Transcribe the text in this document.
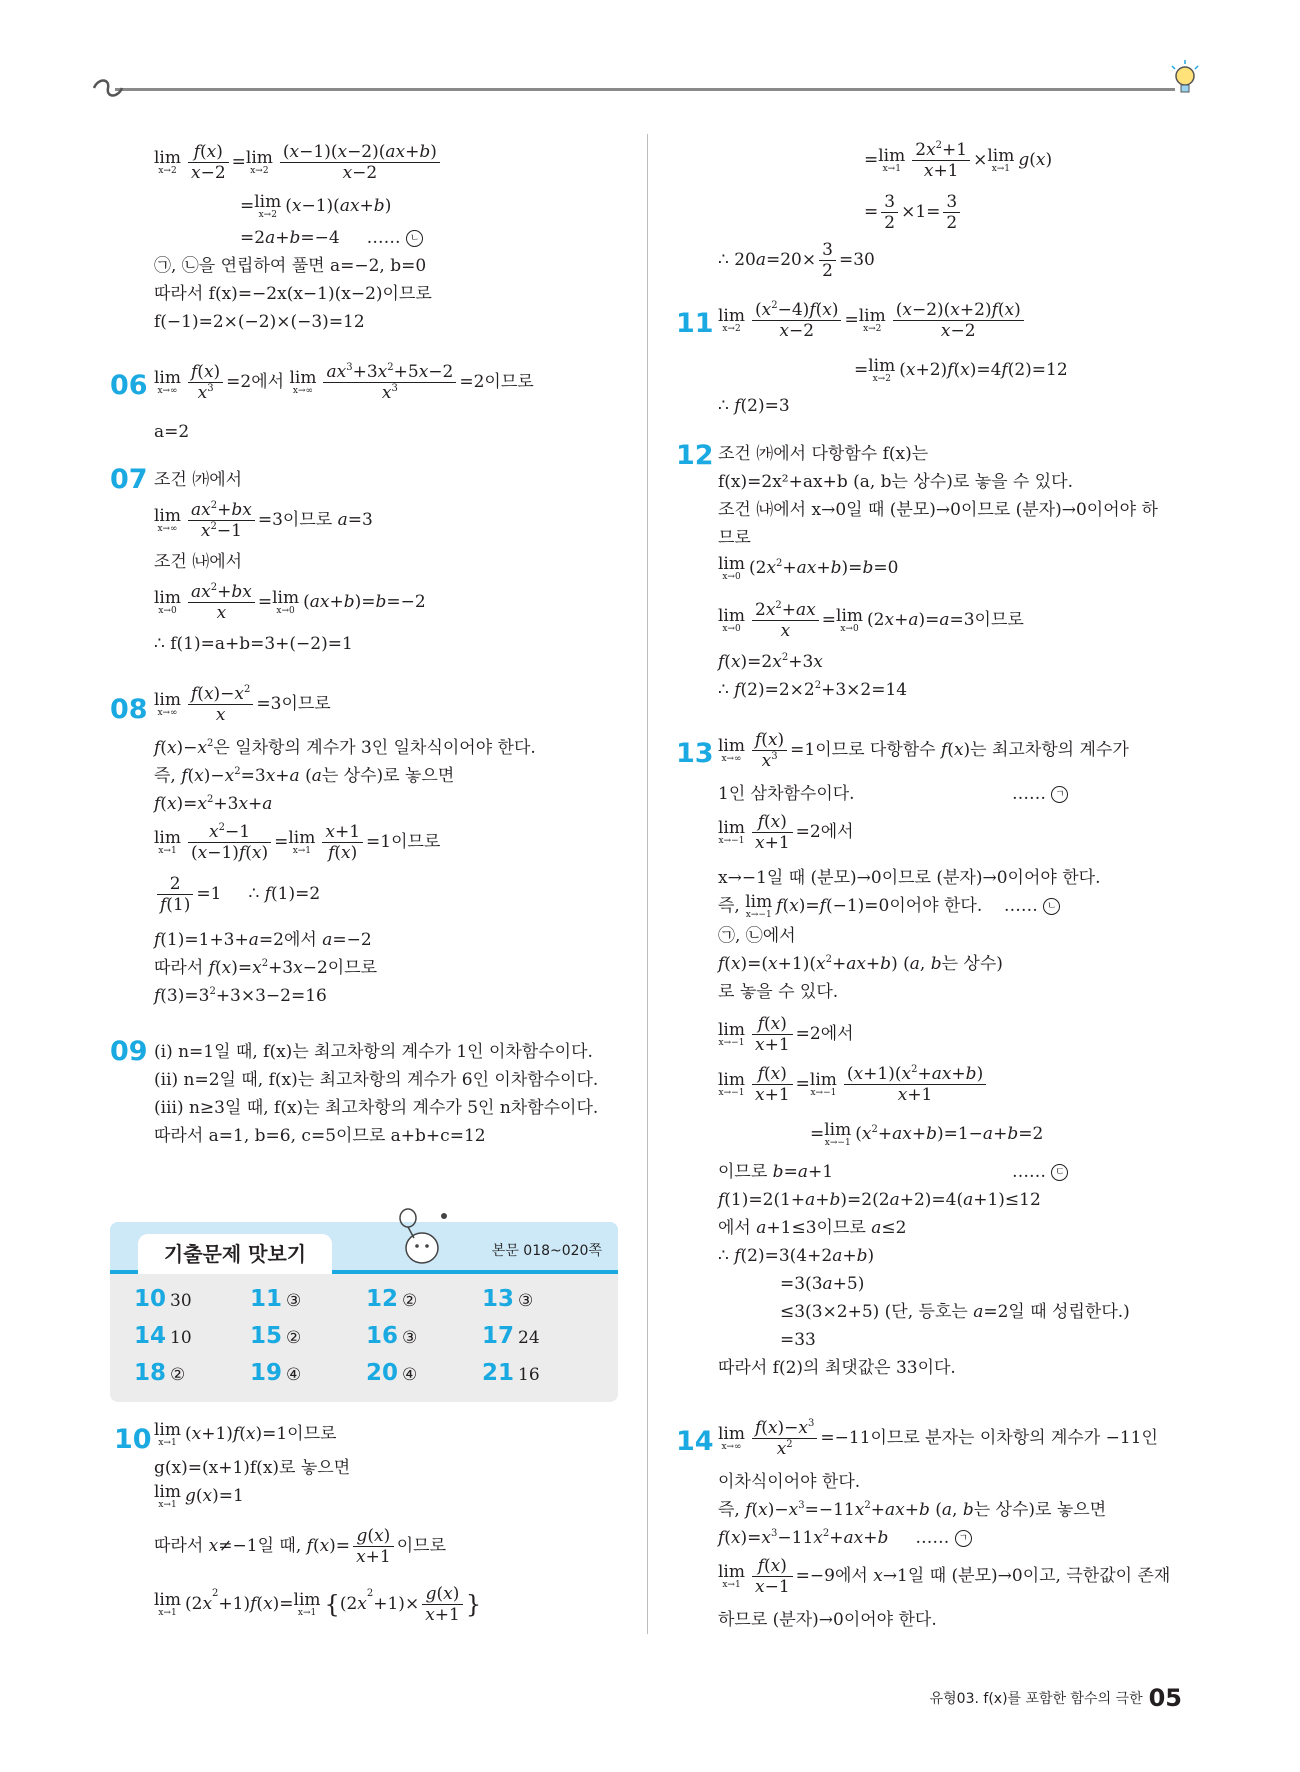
lim
$x\to 2 \frac{f(x)}{x-2} =\lim$
$x\to 2 \frac{(x-1)(x-2)(ax+b)}{x-2}$
=lim
x→2 (x−1)(ax+b)
=2a+b=−4     …… ㄴ
㉠, ㉡을 연립하여 풀면 a=−2, b=0
따라서 f(x)=−2x(x−1)(x−2)이므로
f(−1)=2×(−2)×(−3)=12
06 lim
$x\to\infty \frac{f(x)}{x^3} =2$에서 lim
$x\to\infty \frac{ax^3+3x^2+5x-2}{x^3} =2$이므로
a=2
07 조건 ㈎에서
lim
$x\to\infty \frac{ax^2+bx}{x^2-1} =3$이므로 a=3
조건 ㈏에서
lim
$x\to 0 \frac{ax^2+bx}{x} =\lim$
x→0 (ax+b)=b=−2
∴ f(1)=a+b=3+(−2)=1
08 lim
$x\to\infty \frac{f(x)-x^2}{x} =3$이므로
$f(x)-x^2$은 일차항의 계수가 3인 일차식이어야 한다.
즉, $f(x)-x^2=3x+a$ (a는 상수)로 놓으면
$f(x)=x^2+3x+a$
lim
$x\to 1 \frac{x^2-1}{(x-1)f(x)} =\lim$
$x\to 1 \frac{x+1}{f(x)} =1$이므로
$\frac{2}{f(1)} =1$     ∴ f(1)=2
f(1)=1+3+a=2에서 a=−2
따라서 $f(x)=x^2+3x-2$이므로
$f(3)=3^2+3\times 3-2=16$
09 (ⅰ) n=1일 때, f(x)는 최고차항의 계수가 1인 이차함수이다.
(ⅱ) n=2일 때, f(x)는 최고차항의 계수가 6인 이차함수이다.
(ⅲ) n≥3일 때, f(x)는 최고차항의 계수가 5인 n차함수이다.
따라서 a=1, b=6, c=5이므로 a+b+c=12
10 lim
x→1 (x+1)f(x)=1이므로
g(x)=(x+1)f(x)로 놓으면
lim
x→1 g(x)=1
따라서 x≠−1일 때, $f(x)= \frac{g(x)}{x+1}$ 이므로
lim
x→1 $(2x^2+1)f(x)=\lim$
x→1 {$(2x^2+1)\times \frac{g(x)}{x+1}$ }
기출문제 맛보기	본문 018~020쪽
10 30	11 ③	12 ②	13 ③
14 10	15 ②	16 ③	17 24
18 ②	19 ④	20 ④	21 16
=lim
$x\to 1 \frac{2x^2+1}{x+1} \times\lim$
x→1 g(x)
= $\frac{3}{2} \times 1= \frac{3}{2}$
∴ $20a=20\times \frac{3}{2} =30$
11 lim
$x\to 2 \frac{(x^2-4)f(x)}{x-2} =\lim$
$x\to 2 \frac{(x-2)(x+2)f(x)}{x-2}$
=lim
x→2 (x+2)f(x)=4f(2)=12
∴ f(2)=3
12 조건 ㈎에서 다항함수 f(x)는
f(x)=2x²+ax+b (a, b는 상수)로 놓을 수 있다.
조건 ㈏에서 x→0일 때 (분모)→0이므로 (분자)→0이어야 하
므로
lim
x→0 $(2x^2+ax+b)=b=0$
lim
$x\to 0 \frac{2x^2+ax}{x} =\lim$
x→0 (2x+a)=a=3이므로
$f(x)=2x^2+3x$
∴ $f(2)=2\times 2^2+3\times 2=14$
13 lim
$x\to\infty \frac{f(x)}{x^3} =1$이므로 다항함수 f(x)는 최고차항의 계수가
1인 삼차함수이다.	…… ㄱ
lim
$x\to-1 \frac{f(x)}{x+1} =2$에서
x→−1일 때 (분모)→0이므로 (분자)→0이어야 한다.
즉, lim
x→−1 f(x)=f(−1)=0이어야 한다.    …… ㄴ
㉠, ㉡에서
$f(x)=(x+1)(x^2+ax+b)$ (a, b는 상수)
로 놓을 수 있다.
lim
$x\to-1 \frac{f(x)}{x+1} =2$에서
lim
$x\to-1 \frac{f(x)}{x+1} =\lim$
$x\to-1 \frac{(x+1)(x^2+ax+b)}{x+1}$
=lim
x→−1 $(x^2+ax+b)=1-a+b=2$
이므로 b=a+1	…… ㄷ
f(1)=2(1+a+b)=2(2a+2)=4(a+1)≤12
에서 a+1≤3이므로 a≤2
∴ f(2)=3(4+2a+b)
=3(3a+5)
≤3(3×2+5) (단, 등호는 a=2일 때 성립한다.)
=33
따라서 f(2)의 최댓값은 33이다.
14 lim
$x\to\infty \frac{f(x)-x^3}{x^2} =-11$이므로 분자는 이차항의 계수가 −11인
이차식이어야 한다.
즉, $f(x)-x^3=-11x^2+ax+b$ (a, b는 상수)로 놓으면
$f(x)=x^3-11x^2+ax+b$     …… ㄱ
lim
$x\to 1 \frac{f(x)}{x-1} =-9$에서 x→1일 때 (분모)→0이고, 극한값이 존재
하므로 (분자)→0이어야 한다.
유형03. f(x)를 포함한 함수의 극한 05
